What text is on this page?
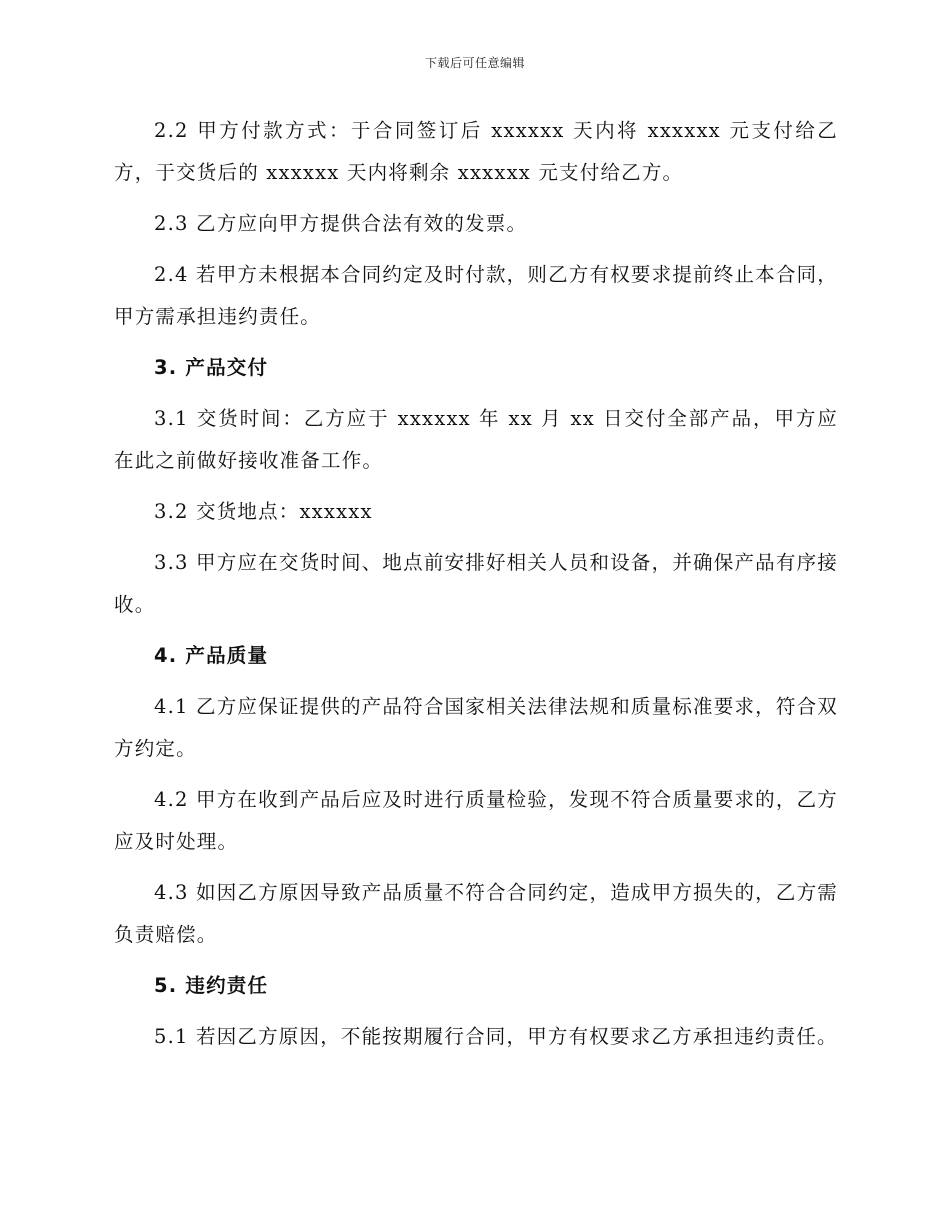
下载后可任意编辑

2.2 甲方付款方式：于合同签订后 xxxxxx 天内将 xxxxxx 元支付给乙方，于交货后的 xxxxxx 天内将剩余 xxxxxx 元支付给乙方。

2.3 乙方应向甲方提供合法有效的发票。

2.4 若甲方未根据本合同约定及时付款，则乙方有权要求提前终止本合同，甲方需承担违约责任。

3. 产品交付

3.1 交货时间：乙方应于 xxxxxx 年 xx 月 xx 日交付全部产品，甲方应在此之前做好接收准备工作。

3.2 交货地点：xxxxxx

3.3 甲方应在交货时间、地点前安排好相关人员和设备，并确保产品有序接收。

4. 产品质量

4.1 乙方应保证提供的产品符合国家相关法律法规和质量标准要求，符合双方约定。

4.2 甲方在收到产品后应及时进行质量检验，发现不符合质量要求的，乙方应及时处理。

4.3 如因乙方原因导致产品质量不符合合同约定，造成甲方损失的，乙方需负责赔偿。

5. 违约责任

5.1 若因乙方原因，不能按期履行合同，甲方有权要求乙方承担违约责任。
